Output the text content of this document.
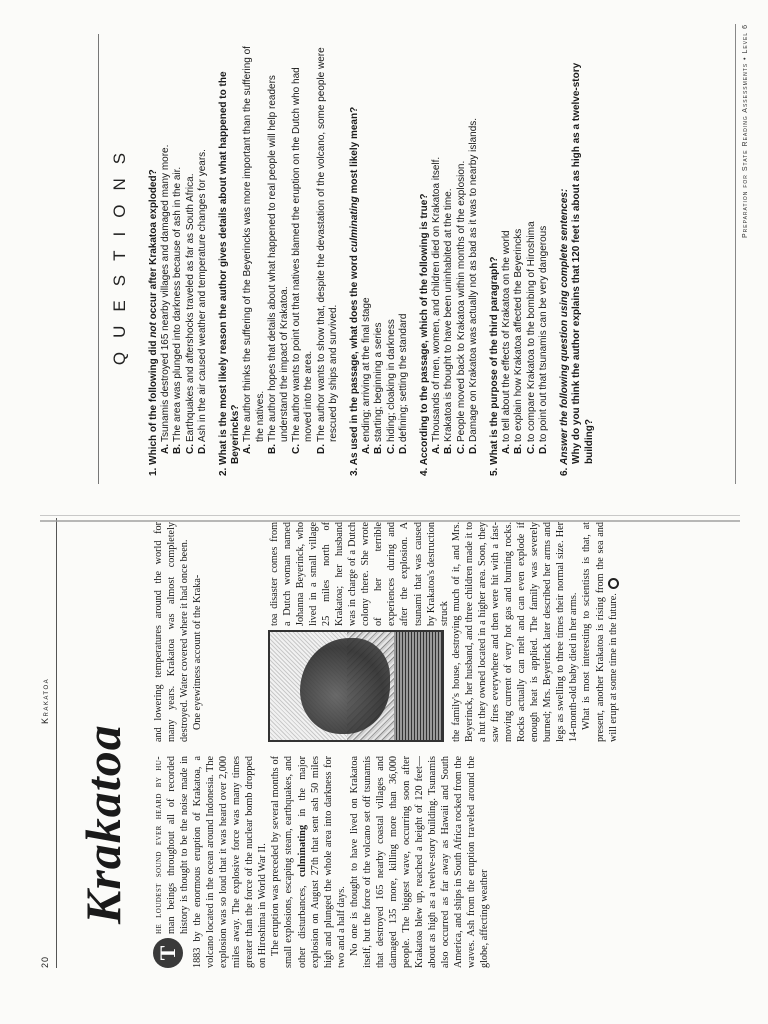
20
Krakatoa
Krakatoa

T
he loudest sound ever heard by hu- man beings throughout all of recorded history is thought to be the noise made in 1883 by the enormous eruption of Krakatoa, a volcano located in the ocean around Indonesia. The explosion was so loud that it was heard over 2,000 miles away. The explosive force was many times greater than the force of the nuclear bomb dropped on Hiroshima in World War II. The eruption was preceded by several months of small explosions, escaping steam, earthquakes, and other disturbances, culminating in the major explosion on August 27th that sent ash 50 miles high and plunged the whole area into darkness for two and a half days. No one is thought to have lived on Krakatoa itself, but the force of the volcano set off tsunamis that destroyed 165 nearby coastal villages and damaged 135 more, killing more than 36,000 people. The biggest wave, occurring soon after Krakatoa blew up, reached a height of 120 feet—about as high as a twelve-story building. Tsunamis also occurred as far away as Hawaii and South America, and ships in South Africa rocked from the waves. Ash from the eruption traveled around the globe, affecting weather

and lowering temperatures around the world for many years. Krakatoa was almost completely destroyed. Water covered where it had once been. One eyewitness account of the Kraka-

toa disaster comes from a Dutch woman named Johanna Beyerinck, who lived in a small village 25 miles north of Krakatoa; her husband was in charge of a Dutch colony there. She wrote of her terrible experiences during and after the explosion. A tsunami that was caused by Krakatoa's destruction struck the family's house, destroying much of it, and Mrs. Beyerinck, her husband, and three children made it to a hut they owned located in a higher area. Soon, they saw fires everywhere and then were hit with a fast-moving current of very hot gas and burning rocks. Rocks actually can melt and can even explode if enough heat is applied. The family was severely burned; Mrs. Beyerinck later described her arms and legs as swelling to three times their normal size. Her 14-month-old baby died in her arms. What is most interesting to scientists is that, at present, another Krakatoa is rising from the sea and will erupt at some time in the future.

QUESTIONS
1. Which of the following did not occur after Krakatoa exploded?
A.Tsunamis destroyed 165 nearby villages and damaged many more.
B.The area was plunged into darkness because of ash in the air.
C.Earthquakes and aftershocks traveled as far as South Africa.
D.Ash in the air caused weather and temperature changes for years.
2. What is the most likely reason the author gives details about what happened to the Beyerincks? A.The author thinks the suffering of the Beyerincks was more important than the suffering of the natives.
B.The author hopes that details about what happened to real people will help readers understand the impact of Krakatoa.
C.The author wants to point out that natives blamed the eruption on the Dutch who had moved into the area.
D.The author wants to show that, despite the devastation of the volcano, some people were rescued by ships and survived.
3. As used in the passage, what does the word culminating most likely mean?
A.ending; arriving at the final stage
B.starting; beginning a series
C.hiding; cloaking in darkness
D.defining; setting the standard
4. According to the passage, which of the following is true? A.Thousands of men, women, and children died on Krakatoa itself.
B.Krakatoa is thought to have been uninhabited at the time.
C.People moved back to Krakatoa within months of the explosion.
D.Damage on Krakatoa was actually not as bad as it was to nearby islands.
5. What is the purpose of the third paragraph? A.to tell about the effects of Krakatoa on the world
B.to explain how Krakatoa affected the Beyerincks
C.to compare Krakatoa to the bombing of Hiroshima
D.to point out that tsunamis can be very dangerous
6. Answer the following question using complete sentences:
Why do you think the author explains that 120 feet is about as high as a twelve-story building?
Preparation for State Reading Assessments • Level 6
